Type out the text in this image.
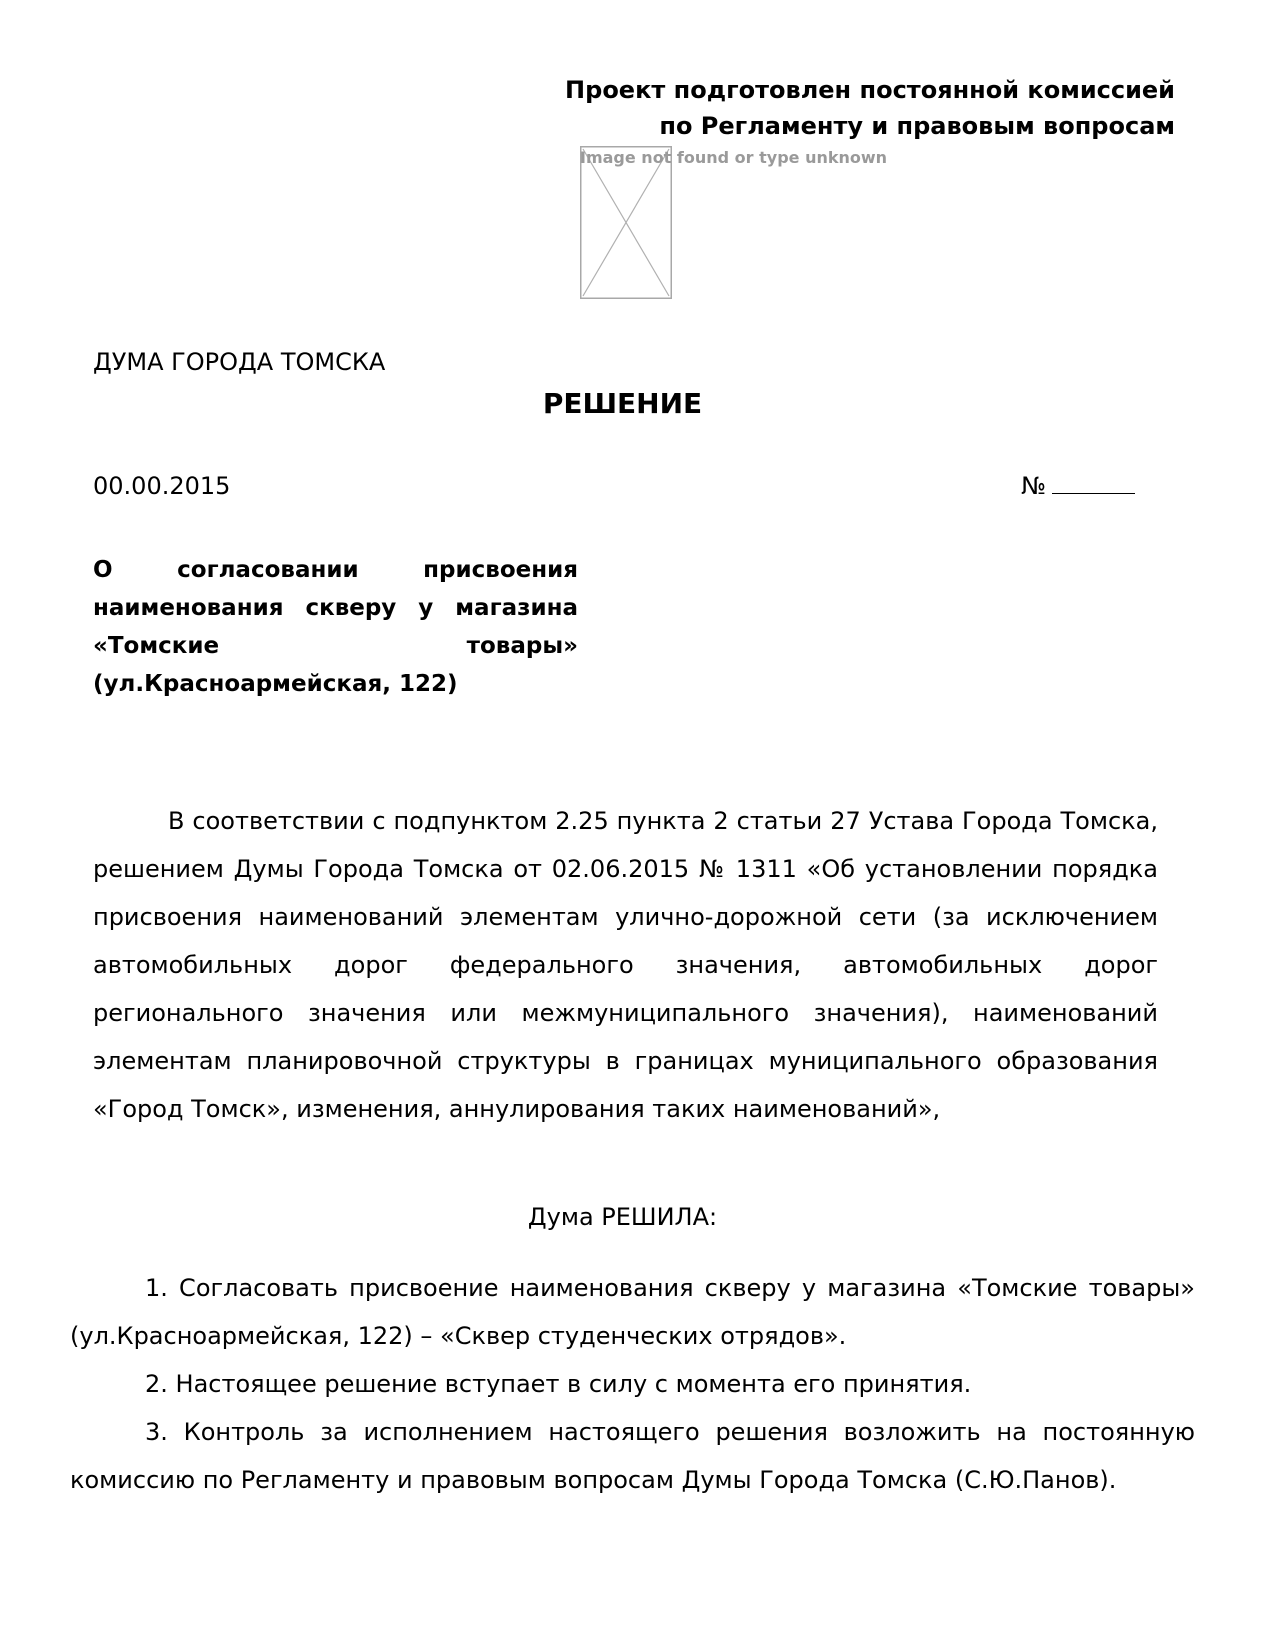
Проект подготовлен постоянной комиссией
по Регламенту и правовым вопросам
Image not found or type unknown
ДУМА ГОРОДА ТОМСКА
РЕШЕНИЕ
00.00.2015	№
О согласовании присвоения наименования скверу у магазина «Томские товары» (ул.Красноармейская, 122)

В соответствии с подпунктом 2.25 пункта 2 статьи 27 Устава Города Томска, решением Думы Города Томска от 02.06.2015 № 1311 «Об установлении порядка присвоения наименований элементам улично-дорожной сети (за исключением автомобильных дорог федерального значения, автомобильных дорог регионального значения или межмуниципального значения), наименований элементам планировочной структуры в границах муниципального образования «Город Томск», изменения, аннулирования таких наименований»,

Дума РЕШИЛА:

1. Согласовать присвоение наименования скверу у магазина «Томские товары» (ул.Красноармейская, 122) – «Сквер студенческих отрядов».

2. Настоящее решение вступает в силу с момента его принятия.

3. Контроль за исполнением настоящего решения возложить на постоянную комиссию по Регламенту и правовым вопросам Думы Города Томска (С.Ю.Панов).
